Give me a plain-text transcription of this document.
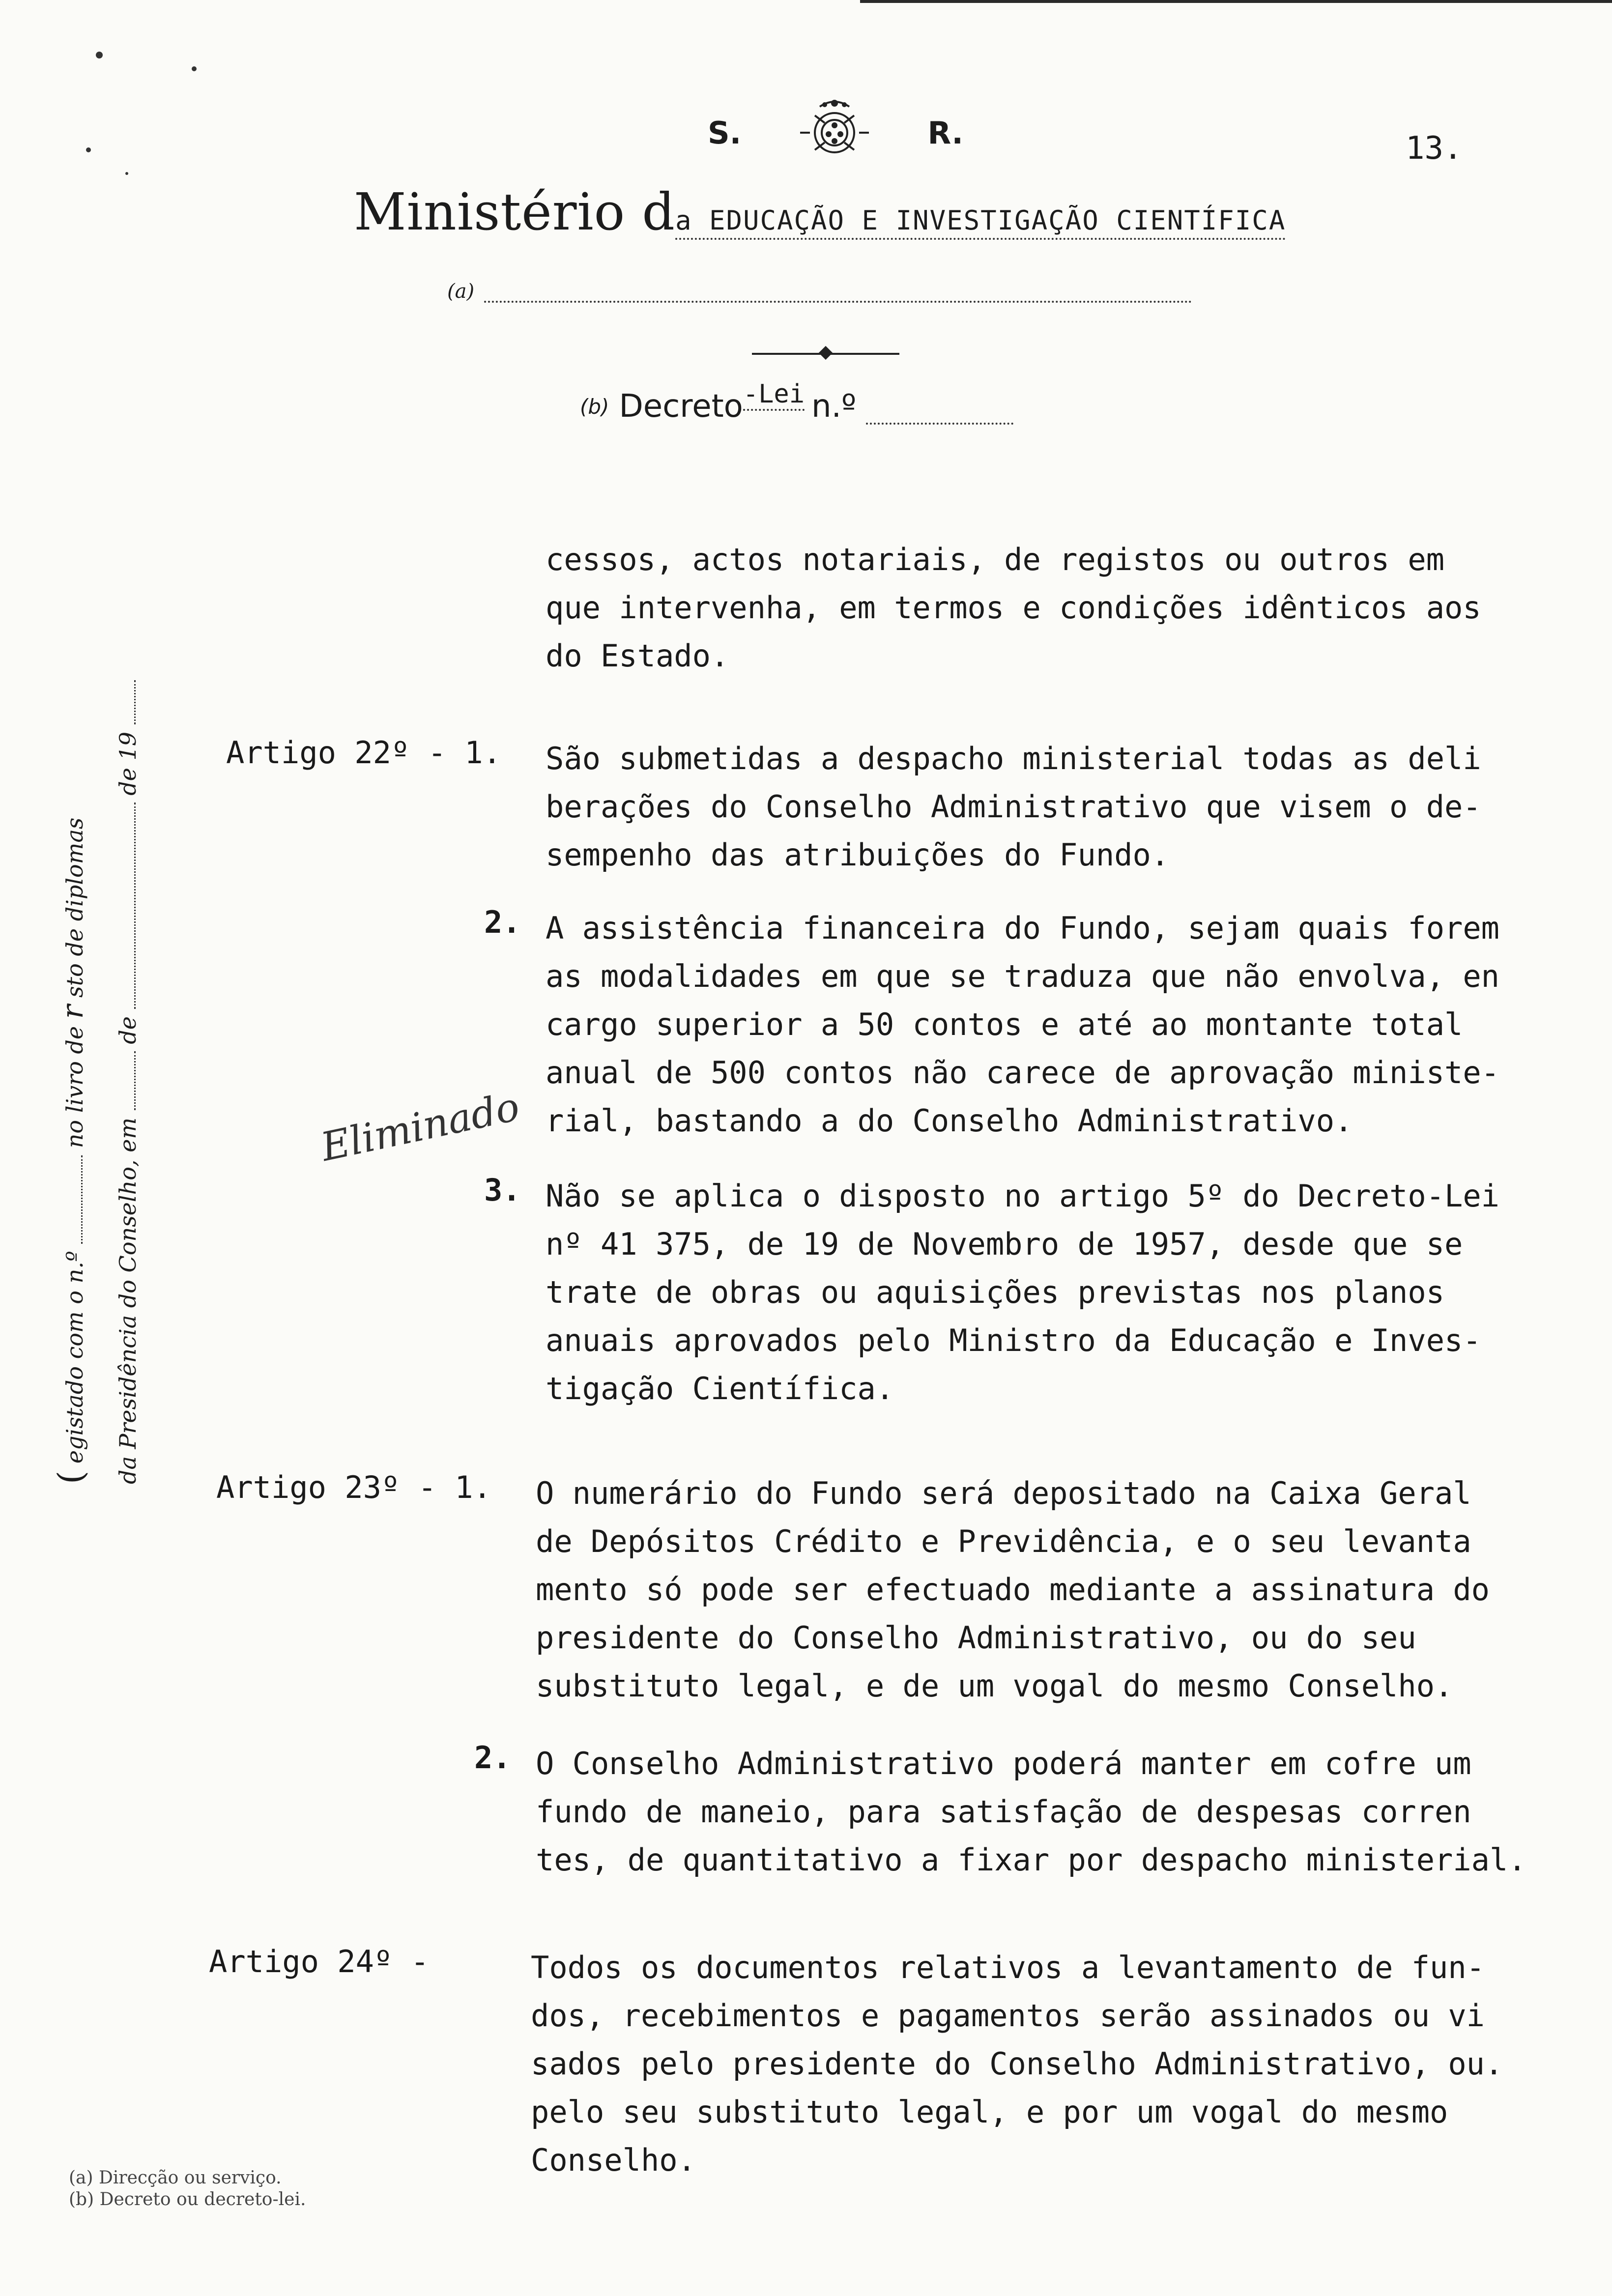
S.	R.	13.
Ministério da EDUCAÇÃO E INVESTIGAÇÃO CIENTÍFICA
(a)
(b) Decreto -Lei n.º
( egistado com o n.º  no livro de r sto de diplomas
da Presidência do Conselho, em  de  de 19
cessos, actos notariais, de registos ou outros em
que intervenha, em termos e condições idênticos aos
do Estado.
Artigo 22º - 1. São submetidas a despacho ministerial todas as deli
berações do Conselho Administrativo que visem o de-
sempenho das atribuições do Fundo.
2. A assistência financeira do Fundo, sejam quais forem
as modalidades em que se traduza que não envolva, en
cargo superior a 50 contos e até ao montante total
anual de 500 contos não carece de aprovação ministe-
rial, bastando a do Conselho Administrativo.
Eliminado
3. Não se aplica o disposto no artigo 5º do Decreto-Lei
nº 41 375, de 19 de Novembro de 1957, desde que se
trate de obras ou aquisições previstas nos planos
anuais aprovados pelo Ministro da Educação e Inves-
tigação Científica.
Artigo 23º - 1. O numerário do Fundo será depositado na Caixa Geral
de Depósitos Crédito e Previdência, e o seu levanta
mento só pode ser efectuado mediante a assinatura do
presidente do Conselho Administrativo, ou do seu
substituto legal, e de um vogal do mesmo Conselho.
2. O Conselho Administrativo poderá manter em cofre um
fundo de maneio, para satisfação de despesas corren
tes, de quantitativo a fixar por despacho ministerial.
Artigo 24º -	Todos os documentos relativos a levantamento de fun-
dos, recebimentos e pagamentos serão assinados ou vi
sados pelo presidente do Conselho Administrativo, ou.
pelo seu substituto legal, e por um vogal do mesmo
Conselho.
(a) Direcção ou serviço.
(b) Decreto ou decreto-lei.
